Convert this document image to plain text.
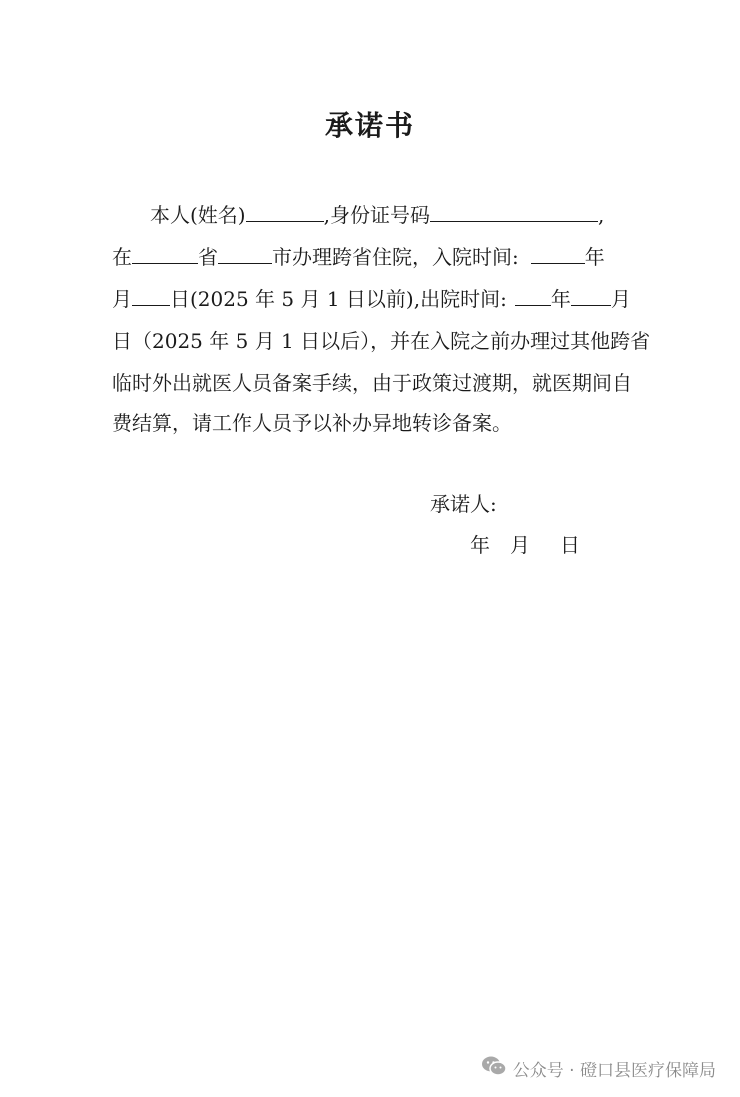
承诺书
本人(姓名)	,身份证号码	,
在	省	市办理跨省住院，入院时间:	年
月 日(2025 年 5 月 1 日以前),出院时间: 年 月
日（2025 年 5 月 1 日以后），并在入院之前办理过其他跨省
临时外出就医人员备案手续，由于政策过渡期，就医期间自
费结算，请工作人员予以补办异地转诊备案。
承诺人:
年 月 日
公众号 · 磴口县医疗保障局
